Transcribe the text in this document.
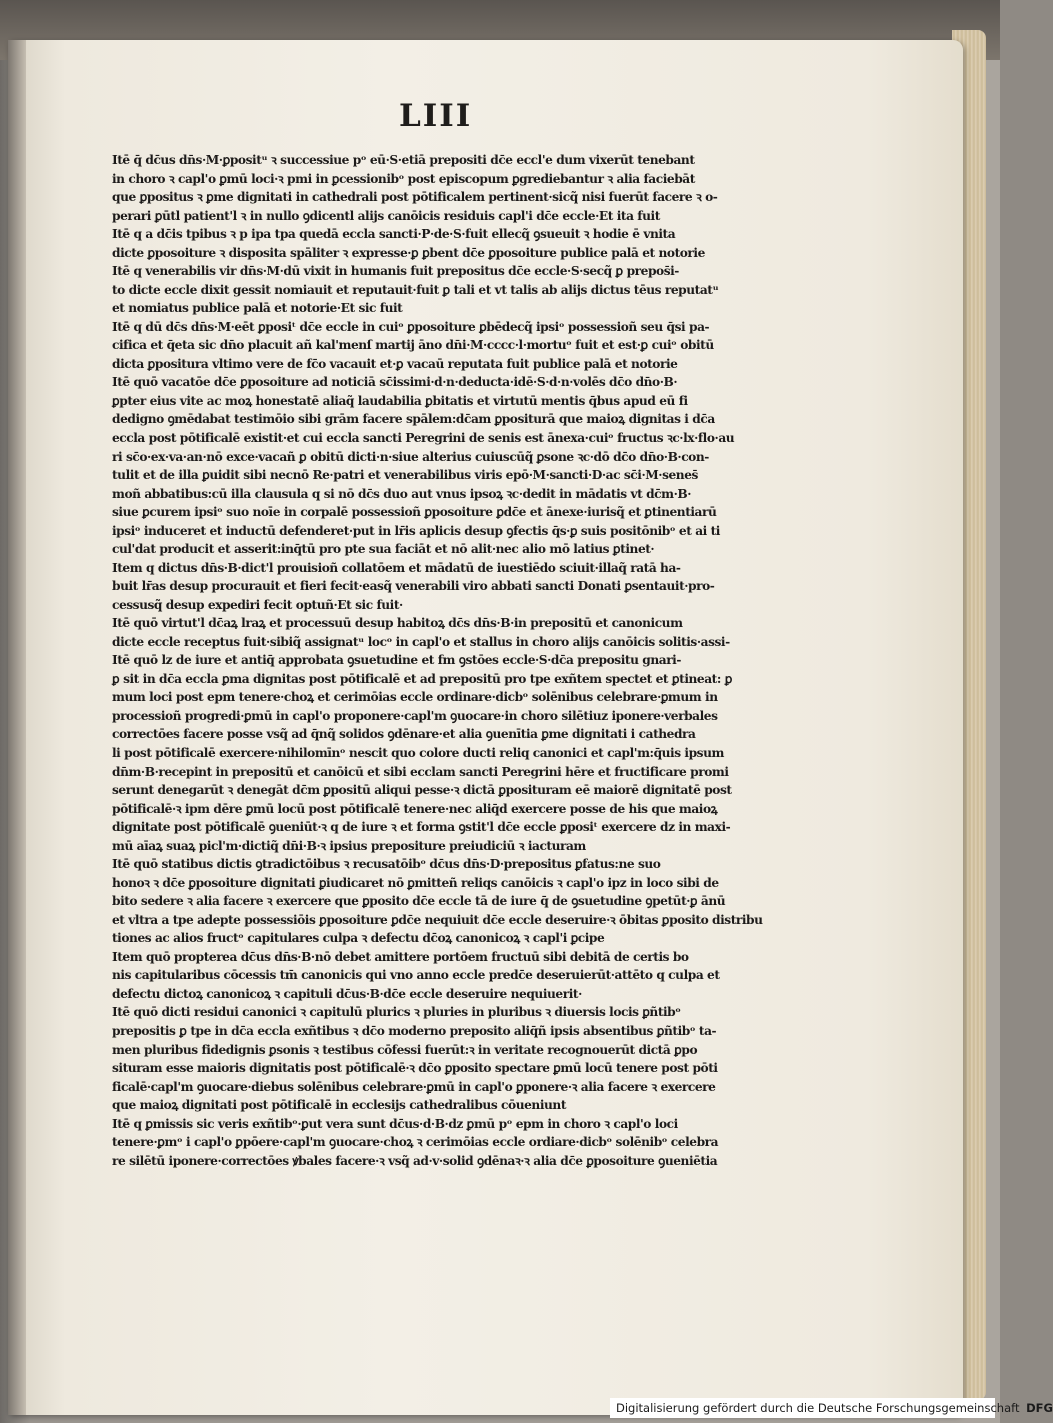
LIII
Itē q̄ dc̄us dn̄s·M·ꝑpositᵘ ꝛ successiue pᵒ eū·S·etiā prepositi dc̄e eccl'e dum vixerūt tenebant
in choro ꝛ capl'o ꝑmū loci·ꝛ pmi in ꝑcessionibᵒ post episcopum ꝑgrediebantur ꝛ alia faciebāt
que ꝑpositus ꝛ ꝑme dignitati in cathedrali post pōtificalem pertinent·sicq̃ nisi fuerūt facere ꝛ o-
perari ꝑūtl patient'l ꝛ in nullo ꝯdicentl alijs canōicis residuis capl'i dc̄e eccle·Et ita fuit
Itē q a dc̄is tpibus ꝛ p ipa tpa quedā eccla sancti·P·de·S·fuit ellecq̃ ꝯsueuit ꝛ hodie ē vnita
dicte ꝑposoiture ꝛ disposita spāliter ꝛ expresse·ꝑ ꝑbent dc̄e ꝑposoiture publice palā et notorie
Itē q venerabilis vir dn̄s·M·dū vixit in humanis fuit prepositus dc̄e eccle·S·secq̃ ꝑ prepos̄i-
to dicte eccle dixit gessit nomiauit et reputauit·fuit ꝑ tali et vt talis ab alijs dictus tēus reputatᵘ
et nomiatus publice palā et notorie·Et sic fuit
Itē q dū dc̄s dn̄s·M·eēt ꝑposiᵗ dc̄e eccle in cuiᵒ ꝑposoiture ꝑbēdecq̃ ipsiᵒ possessioñ seu q̄si pa-
cifica et q̄eta sic dn̄o placuit añ kal'menſ martij āno dn̄i·M·cccc·l·mortuᵒ fuit et est·ꝑ cuiᵒ obitū
dicta ꝑpositura vltimo vere de fc̄o vacauit et·ꝑ vacaū reputata fuit publice palā et notorie
Itē quō vacatōe dc̄e ꝑposoiture ad noticiā sc̄issimi·d·n·deducta·idē·S·d·n·volēs dc̄o dn̄o·B·
ꝑpter eius vite ac moꝝ honestatē aliaq̃ laudabilia ꝑbitatis et virtutū mentis q̄bus apud eū fi
dedigno ꝯmēdabat testimōio sibi grām facere spālem:dc̄am ꝑpositurā que maioꝝ dignitas i dc̄a
eccla post pōtificalē existit·et cui eccla sancti Peregrini de senis est ānexa·cuiᵒ fructus ꝛc·lx·flo·au
ri sc̄o·ex·va·an·nō exce·vacañ ꝑ obitū dicti·n·siue alterius cuiuscūq̃ ꝑsone ꝛc·dō dc̄o dn̄o·B·con-
tulit et de illa ꝑuidit sibi necnō Re·patri et venerabilibus viris epō·M·sancti·D·ac sc̄i·M·senes̄
moñ abbatibus:cū illa clausula q si nō dc̄s duo aut vnus ipsoꝝ ꝛc·dedit in mādatis vt dc̄m·B·
siue ꝑcurem ipsiᵒ suo noīe in corpalē possessioñ ꝑposoiture ꝑdc̄e et ānexe·iurisq̃ et ꝑtinentiarū
ipsiᵒ induceret et inductū defenderet·put in lr̄is aplicis desup ꝯfectis q̄s·ꝑ suis positōnibᵒ et ai ti
cul'dat producit et asserit:inq̄tū pro pte sua faciāt et nō alit·nec alio mō latius ꝑtinet·
Item q dictus dn̄s·B·dict'l prouisioñ collatōem et mādatū de iuestiēdo sciuit·illaq̃ ratā ha-
buit lr̄as desup procurauit et fieri fecit·easq̃ venerabili viro abbati sancti Donati ꝑsentauit·pro-
cessusq̃ desup expediri fecit optuñ·Et sic fuit·
Itē quō virtut'l dc̄aꝝ lraꝝ et processuū desup habitoꝝ dc̄s dn̄s·B·in prepositū et canonicum
dicte eccle receptus fuit·sibiq̃ assignatᵘ locᵒ in capl'o et stallus in choro alijs canōicis solitis·assi-
Itē quō lz de iure et antiq̄ approbata ꝯsuetudine et fm ꝯstōes eccle·S·dc̄a prepositu gnari-
ꝑ sit in dc̄a eccla ꝑma dignitas post pōtificalē et ad prepositū pro tpe exñtem spectet et ꝑtineat: ꝑ
mum loci post epm tenere·choꝝ et cerimōias eccle ordinare·dicbᵒ solēnibus celebrare·ꝑmum in
processioñ progredi·ꝑmū in capl'o proponere·capl'm ꝯuocare·in choro silētiuz iponere·verbales
correctōes facere posse vsq̃ ad q̄nq̃ solidos ꝯdēnare·et alia ꝯuenītia ꝑme dignitati i cathedra
li post pōtificalē exercere·nihilomīnᵒ nescit quo colore ducti reliq canonici et capl'm:q̄uis ipsum
dn̄m·B·recepint in prepositū et canōicū et sibi ecclam sancti Peregrini hēre et fructificare promi
serunt denegarūt ꝛ denegāt dc̄m ꝑpositū aliqui pesse·ꝛ dictā ꝑposituram eē maiorē dignitatē post
pōtificalē·ꝛ ipm dēre ꝑmū locū post pōtificalē tenere·nec aliq̄d exercere posse de his que maioꝝ
dignitate post pōtificalē ꝯueniūt·ꝛ q de iure ꝛ et forma ꝯstit'l dc̄e eccle ꝑposiᵗ exercere dz in maxi-
mū aīaꝝ suaꝝ picl'm·dictiq̃ dn̄i·B·ꝛ ipsius prepositure preiudiciū ꝛ iacturam
Itē quō statibus dictis ꝯtradictōibus ꝛ recusatōibᵒ dc̄us dn̄s·D·prepositus ꝑfatus:ne suo
honoꝛ ꝛ dc̄e ꝑposoiture dignitati ꝑiudicaret nō ꝑmitteñ reliqs canōicis ꝛ capl'o ipz in loco sibi de
bito sedere ꝛ alia facere ꝛ exercere que ꝑposito dc̄e eccle tā de iure q̄ de ꝯsuetudine ꝯpetūt·ꝑ ānū
et vltra a tpe adepte possessiōis ꝑposoiture ꝑdc̄e nequiuit dc̄e eccle deseruire·ꝛ ōbitas ꝑposito distribu
tiones ac alios fructᵒ capitulares culpa ꝛ defectu dc̄oꝝ canonicoꝝ ꝛ capl'i ꝑcipe
Item quō propterea dc̄us dn̄s·B·nō debet amittere portōem fructuū sibi debitā de certis bo
nis capitularibus cōcessis tm̄ canonicis qui vno anno eccle predc̄e deseruierūt·attēto q culpa et
defectu dictoꝝ canonicoꝝ ꝛ capituli dc̄us·B·dc̄e eccle deseruire nequiuerit·
Itē quō dicti residui canonici ꝛ capitulū plurics ꝛ pluries in pluribus ꝛ diuersis locis ꝑñtibᵒ
prepositis ꝑ tpe in dc̄a eccla exñtibus ꝛ dc̄o moderno preposito aliq̄ñ ipsis absentibus ꝑñtibᵒ ta-
men pluribus fidedignis ꝑsonis ꝛ testibus cōfessi fuerūt:ꝛ in veritate recognouerūt dictā ꝑpo
situram esse maioris dignitatis post pōtificalē·ꝛ dc̄o ꝑposito spectare ꝑmū locū tenere post pōti
ficalē·capl'm ꝯuocare·diebus solēnibus celebrare·ꝑmū in capl'o ꝑponere·ꝛ alia facere ꝛ exercere
que maioꝝ dignitati post pōtificalē in ecclesijs cathedralibus cōueniunt
Itē q ꝑmissis sic veris exñtibᵒ·ꝑut vera sunt dc̄us·d·B·dz ꝑmū pᵒ epm in choro ꝛ capl'o loci
tenere·ꝑmᵒ i capl'o ꝑpōere·capl'm ꝯuocare·choꝝ ꝛ cerimōias eccle ordiare·dicbᵒ solēnibᵒ celebra
re silētū iponere·correctōes ꝟbales facere·ꝛ vsq̃ ad·v·solid ꝯdēnaꝛ·ꝛ alia dc̄e ꝑposoiture ꝯueniētia
Digitalisierung gefördert durch die Deutsche Forschungsgemeinschaft DFG
